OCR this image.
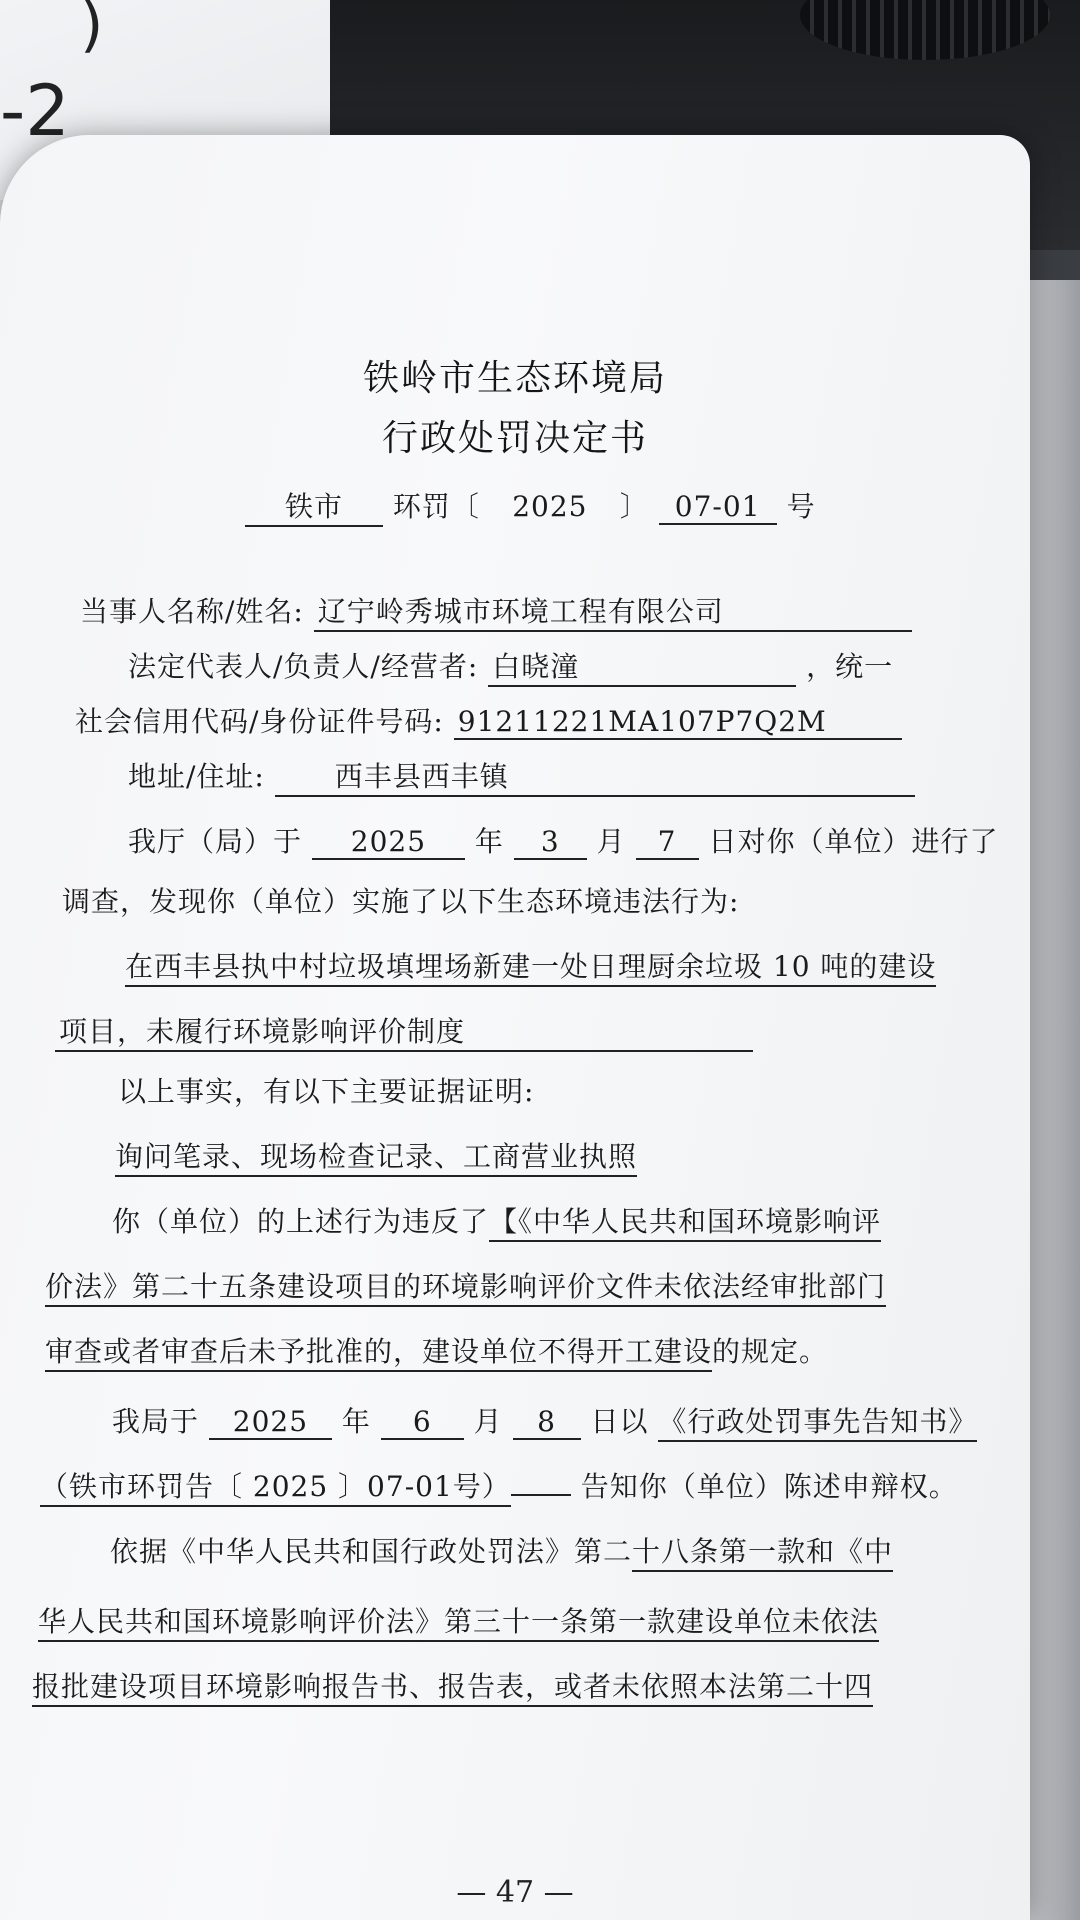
)
-2
铁岭市生态环境局
行政处罚决定书
铁市 环罚〔 2025 〕 07-01 号
当事人名称/姓名: 辽宁岭秀城市环境工程有限公司
法定代表人/负责人/经营者: 白晓潼	，统一
社会信用代码/身份证件号码: 91211221MA107P7Q2M
地址/住址: 西丰县西丰镇
我厅（局）于 2025 年 3 月 7 日对你（单位）进行了
调查，发现你（单位）实施了以下生态环境违法行为:
在西丰县执中村垃圾填埋场新建一处日理厨余垃圾 10 吨的建设
项目，未履行环境影响评价制度
以上事实，有以下主要证据证明:
询问笔录、现场检查记录、工商营业执照
你（单位）的上述行为违反了【《中华人民共和国环境影响评
价法》第二十五条建设项目的环境影响评价文件未依法经审批部门
审查或者审查后未予批准的，建设单位不得开工建设的规定。
我局于 2025 年 6 月 8 日以 《行政处罚事先告知书》
（铁市环罚告〔 2025 〕07-01号） 告知你（单位）陈述申辩权。
依据《中华人民共和国行政处罚法》第二十八条第一款和《中
华人民共和国环境影响评价法》第三十一条第一款建设单位未依法
报批建设项目环境影响报告书、报告表，或者未依照本法第二十四
— 47 —
